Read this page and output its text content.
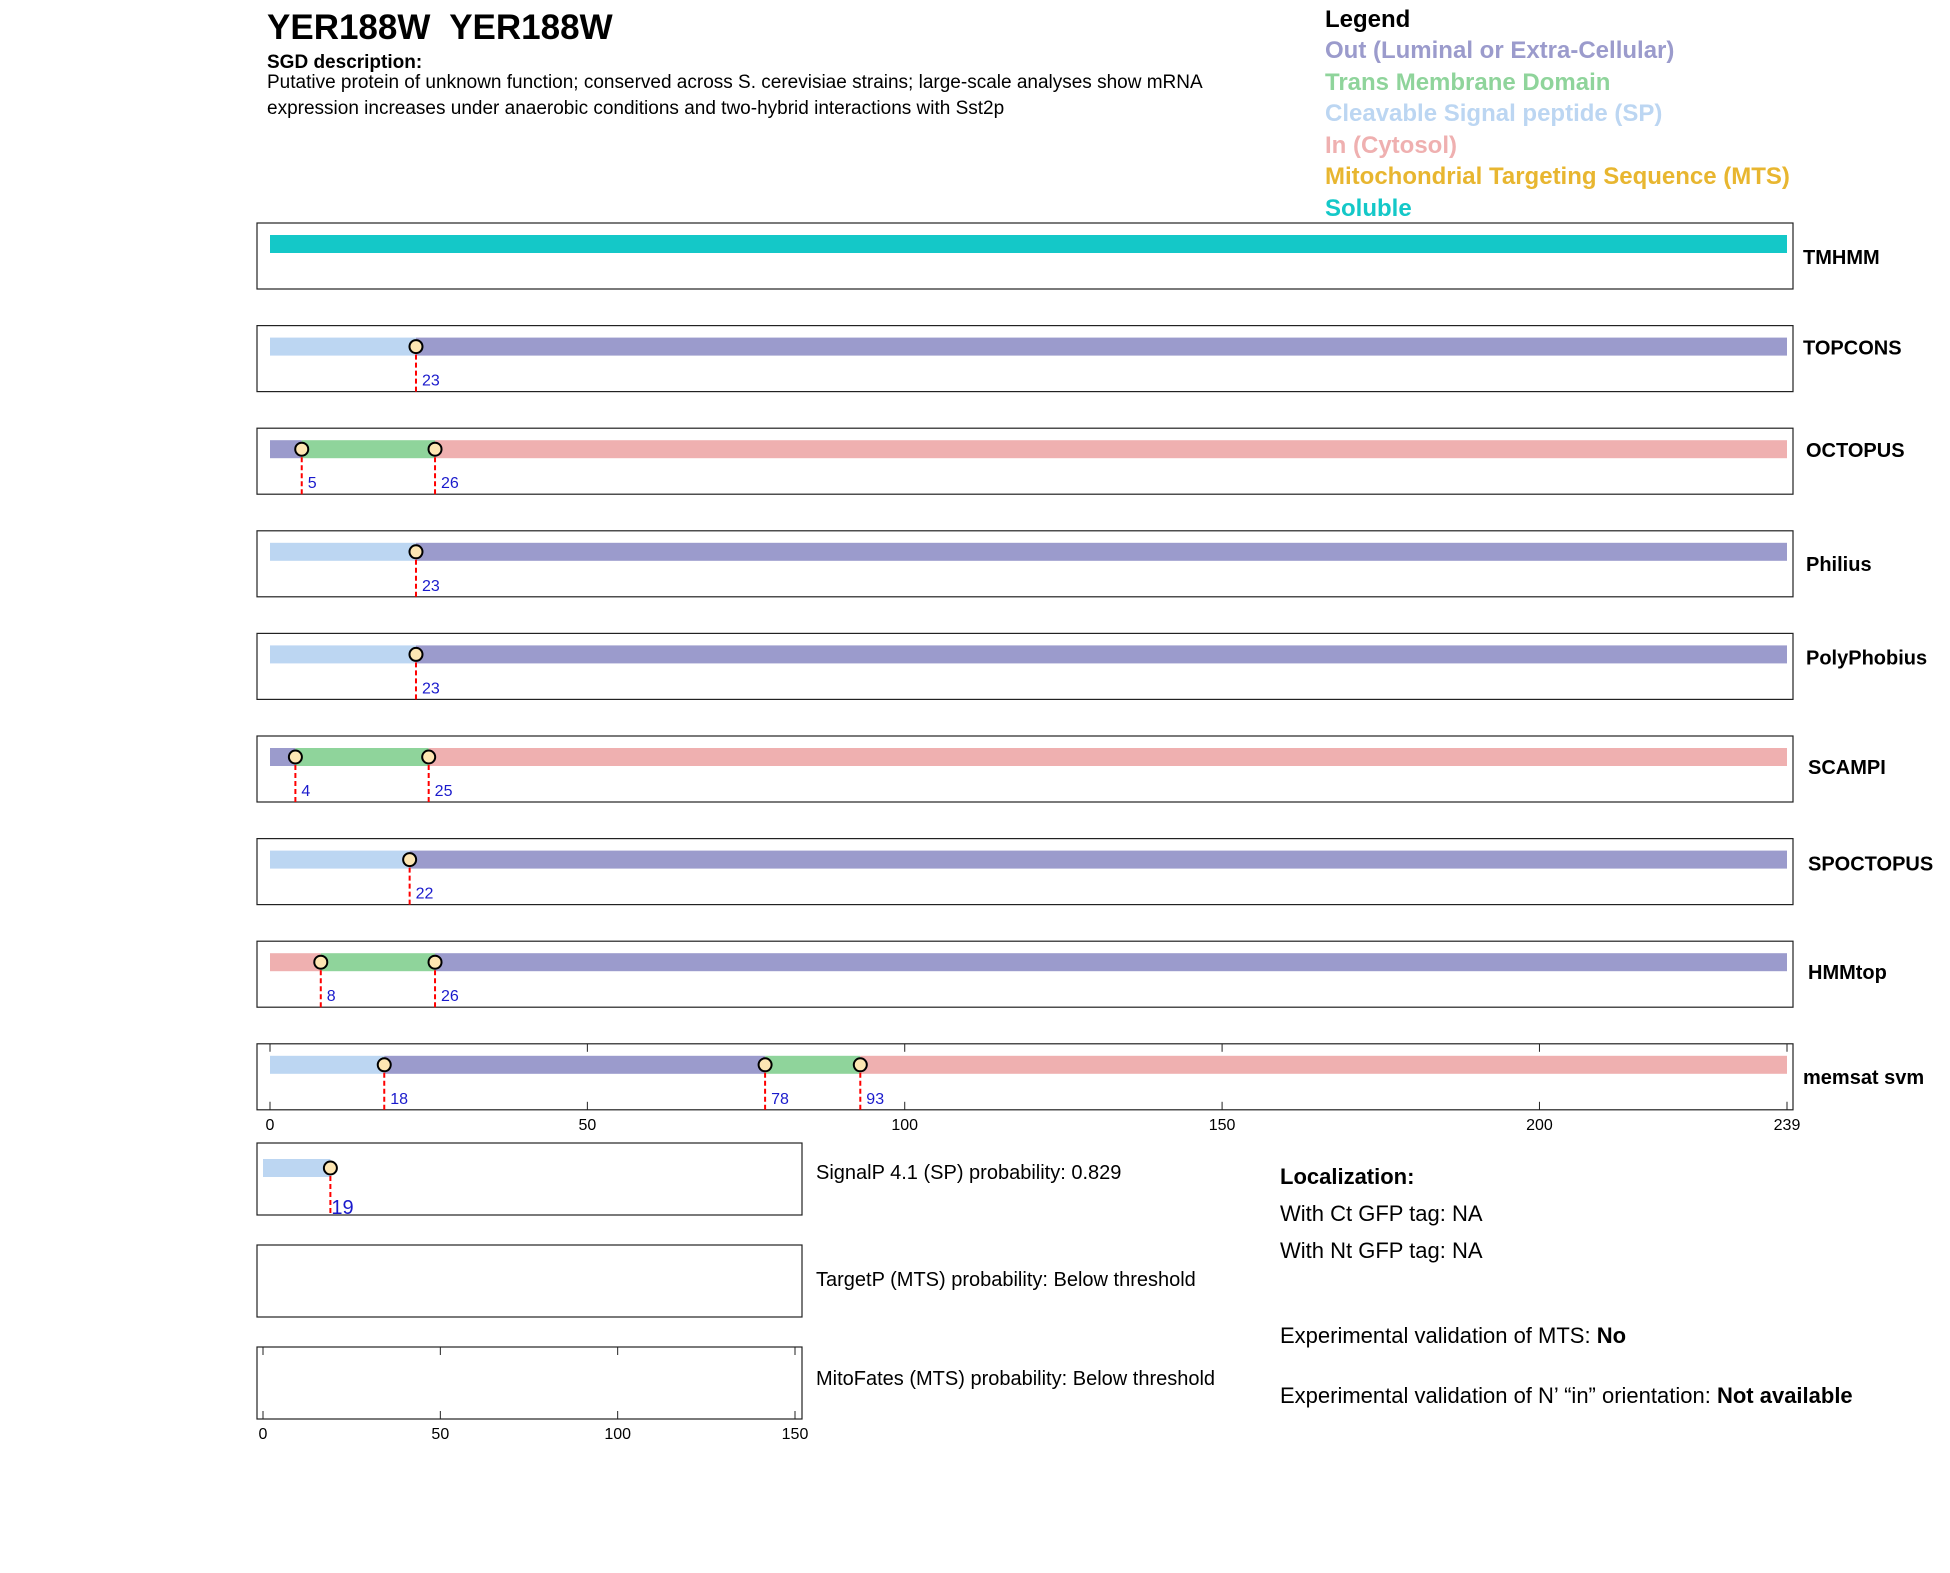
YER188W  YER188W
SGD description:
Putative protein of unknown function; conserved across S. cerevisiae strains; large-scale analyses show mRNA expression increases under anaerobic conditions and two-hybrid interactions with Sst2p
Legend
Out (Luminal or Extra-Cellular)
Trans Membrane Domain
Cleavable Signal peptide (SP)
In (Cytosol)
Mitochondrial Targeting Sequence (MTS)
Soluble
TMHMM
23
TOPCONS
5	26
OCTOPUS
23
Philius
23
PolyPhobius
4	25
SCAMPI
22
SPOCTOPUS
8	26
HMMtop
18	78	93
memsat svm
0	50	100	150	200	239
19
0	50	100	150
SignalP 4.1 (SP) probability: 0.829
TargetP (MTS) probability: Below threshold
MitoFates (MTS) probability: Below threshold
Localization:
With Ct GFP tag: NA
With Nt GFP tag: NA
Experimental validation of MTS: No
Experimental validation of N’ “in” orientation: Not available
